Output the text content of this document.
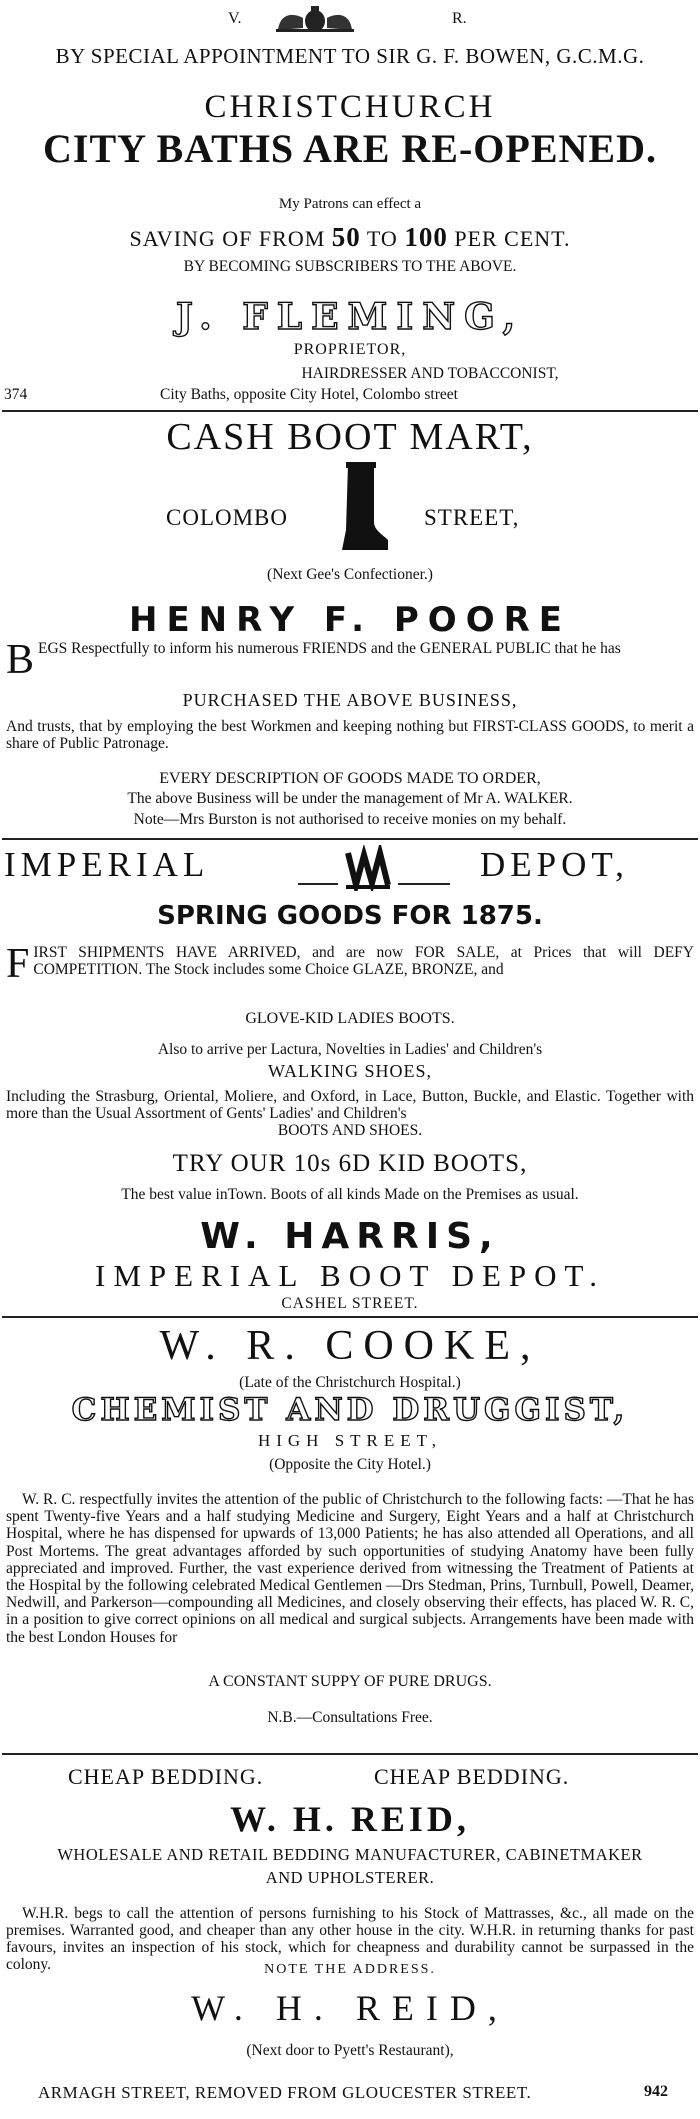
V.	R.
BY SPECIAL APPOINTMENT TO SIR G. F. BOWEN, G.C.M.G.
CHRISTCHURCH
CITY BATHS ARE RE-OPENED.
My Patrons can effect a
SAVING OF FROM 50 TO 100 PER CENT.
BY BECOMING SUBSCRIBERS TO THE ABOVE.
J. FLEMING,
PROPRIETOR,
HAIRDRESSER AND TOBACCONIST,
374	City Baths, opposite City Hotel, Colombo street
CASH BOOT MART,
COLOMBO	STREET,
(Next Gee's Confectioner.)
HENRY F. POORE
B EGS Respectfully to inform his numerous FRIENDS and the GENERAL PUBLIC that he has
PURCHASED THE ABOVE BUSINESS,
And trusts, that by employing the best Workmen and keeping nothing but FIRST-CLASS GOODS, to merit a share of Public Patronage.
EVERY DESCRIPTION OF GOODS MADE TO ORDER,
The above Business will be under the management of Mr A. WALKER.
Note—Mrs Burston is not authorised to receive monies on my behalf.
IMPERIAL	DEPOT,
SPRING GOODS FOR 1875.
F IRST SHIPMENTS HAVE ARRIVED, and are now FOR SALE, at Prices that will DEFY COMPETITION. The Stock includes some Choice GLAZE, BRONZE, and
GLOVE-KID LADIES BOOTS.
Also to arrive per Lactura, Novelties in Ladies' and Children's
WALKING SHOES,
Including the Strasburg, Oriental, Moliere, and Oxford, in Lace, Button, Buckle, and Elastic. Together with more than the Usual Assortment of Gents' Ladies' and Children's
BOOTS AND SHOES.
TRY OUR 10s 6D KID BOOTS,
The best value inTown. Boots of all kinds Made on the Premises as usual.
W. HARRIS,
IMPERIAL BOOT DEPOT.
CASHEL STREET.
W. R. COOKE,
(Late of the Christchurch Hospital.)
CHEMIST AND DRUGGIST,
HIGH STREET,
(Opposite the City Hotel.)
W. R. C. respectfully invites the attention of the public of Christchurch to the following facts: —That he has spent Twenty-five Years and a half studying Medicine and Surgery, Eight Years and a half at Christchurch Hospital, where he has dispensed for upwards of 13,000 Patients; he has also attended all Operations, and all Post Mortems. The great advantages afforded by such opportunities of studying Anatomy have been fully appreciated and improved. Further, the vast experience derived from witnessing the Treatment of Patients at the Hospital by the following celebrated Medical Gentlemen —Drs Stedman, Prins, Turnbull, Powell, Deamer, Nedwill, and Parkerson—compounding all Medicines, and closely observing their effects, has placed W. R. C, in a position to give correct opinions on all medical and surgical subjects. Arrangements have been made with the best London Houses for
A CONSTANT SUPPY OF PURE DRUGS.
N.B.—Consultations Free.
CHEAP BEDDING.	CHEAP BEDDING.
W. H. REID,
WHOLESALE AND RETAIL BEDDING MANUFACTURER, CABINETMAKER
AND UPHOLSTERER.
W.H.R. begs to call the attention of persons furnishing to his Stock of Mattrasses, &c., all made on the premises. Warranted good, and cheaper than any other house in the city. W.H.R. in returning thanks for past favours, invites an inspection of his stock, which for cheapness and durability cannot be surpassed in the colony.	NOTE THE ADDRESS.
W. H. REID,
(Next door to Pyett's Restaurant),
ARMAGH STREET, REMOVED FROM GLOUCESTER STREET.	942
